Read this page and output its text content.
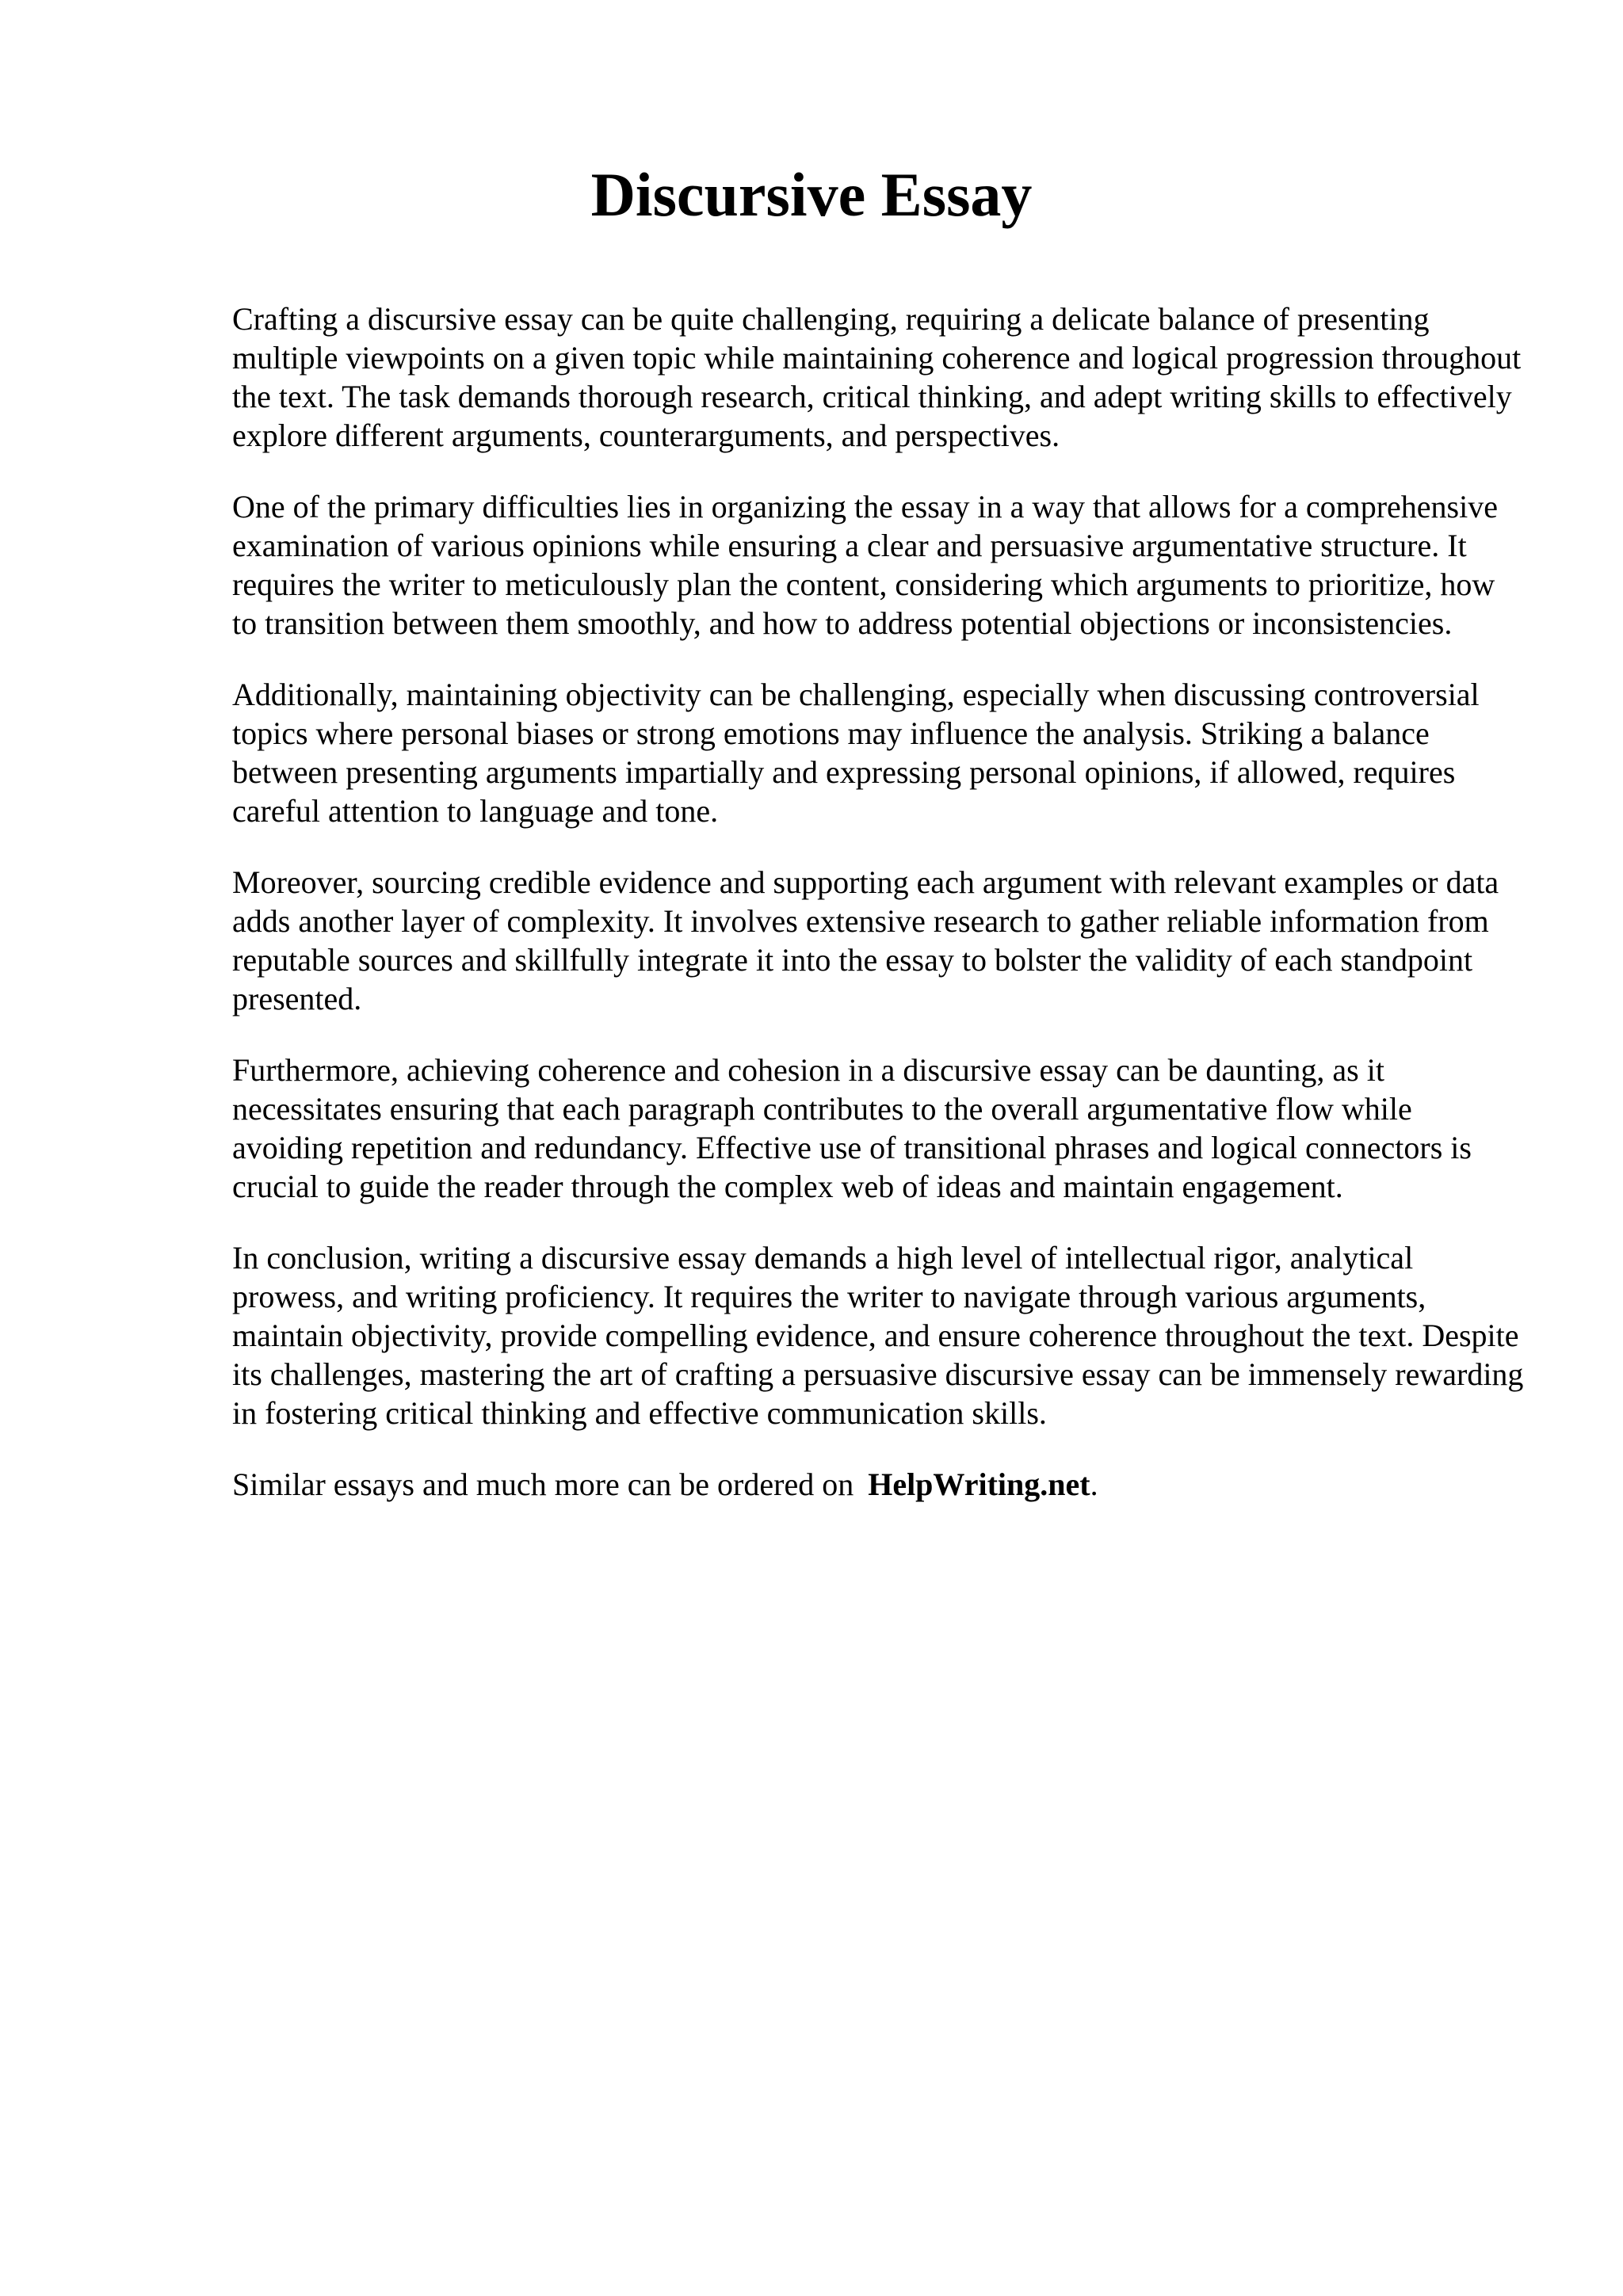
Discursive Essay

Crafting a discursive essay can be quite challenging, requiring a delicate balance of presenting multiple viewpoints on a given topic while maintaining coherence and logical progression throughout the text. The task demands thorough research, critical thinking, and adept writing skills to effectively explore different arguments, counterarguments, and perspectives.

One of the primary difficulties lies in organizing the essay in a way that allows for a comprehensive examination of various opinions while ensuring a clear and persuasive argumentative structure. It requires the writer to meticulously plan the content, considering which arguments to prioritize, how to transition between them smoothly, and how to address potential objections or inconsistencies.

Additionally, maintaining objectivity can be challenging, especially when discussing controversial topics where personal biases or strong emotions may influence the analysis. Striking a balance between presenting arguments impartially and expressing personal opinions, if allowed, requires careful attention to language and tone.

Moreover, sourcing credible evidence and supporting each argument with relevant examples or data adds another layer of complexity. It involves extensive research to gather reliable information from reputable sources and skillfully integrate it into the essay to bolster the validity of each standpoint presented.

Furthermore, achieving coherence and cohesion in a discursive essay can be daunting, as it necessitates ensuring that each paragraph contributes to the overall argumentative flow while avoiding repetition and redundancy. Effective use of transitional phrases and logical connectors is crucial to guide the reader through the complex web of ideas and maintain engagement.

In conclusion, writing a discursive essay demands a high level of intellectual rigor, analytical prowess, and writing proficiency. It requires the writer to navigate through various arguments, maintain objectivity, provide compelling evidence, and ensure coherence throughout the text. Despite its challenges, mastering the art of crafting a persuasive discursive essay can be immensely rewarding in fostering critical thinking and effective communication skills.

Similar essays and much more can be ordered on HelpWriting.net.
